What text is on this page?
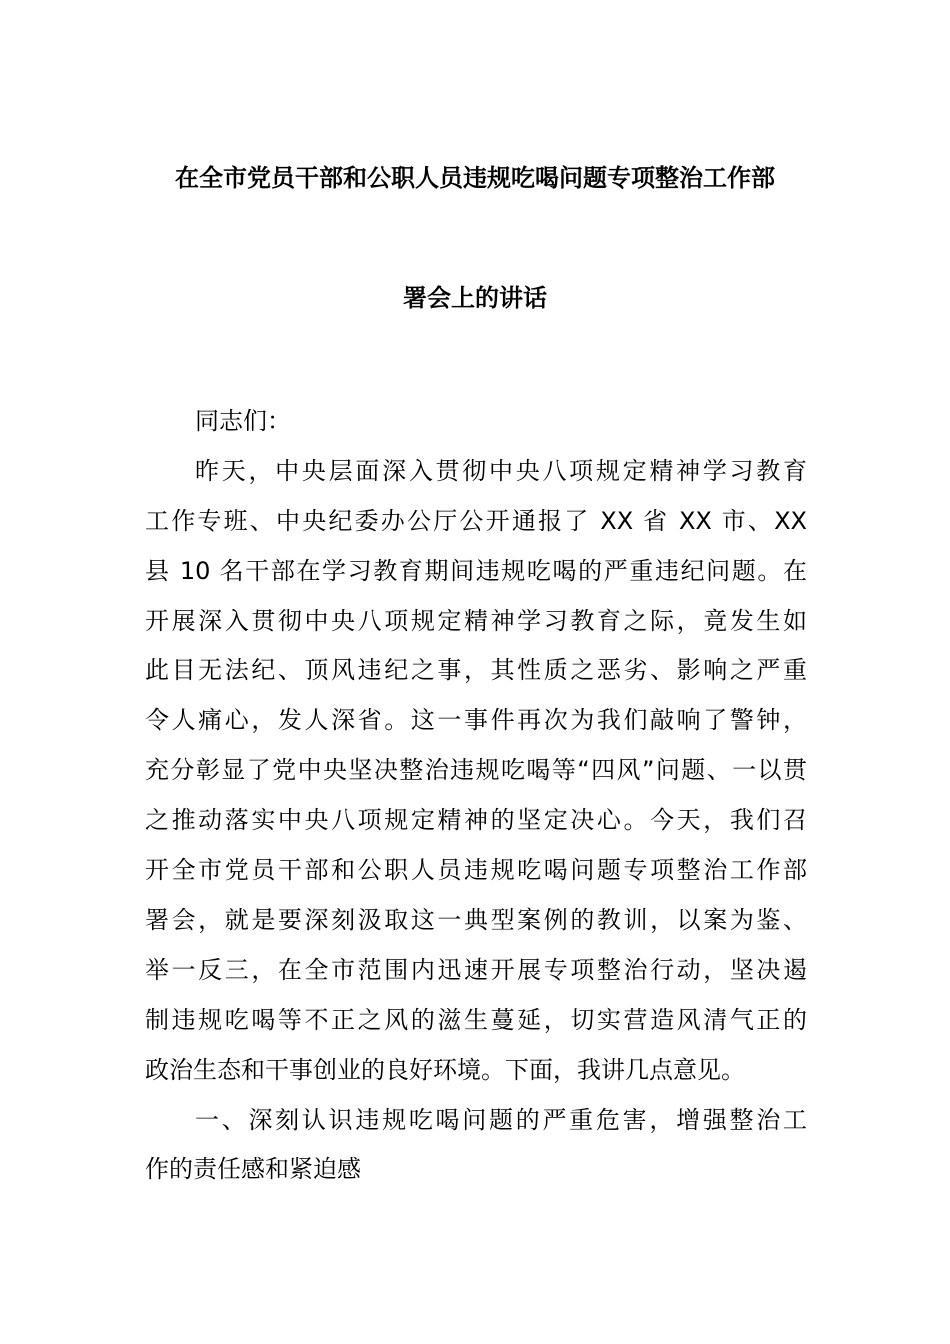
在全市党员干部和公职人员违规吃喝问题专项整治工作部
署会上的讲话
同志们：
昨天，中央层面深入贯彻中央八项规定精神学习教育
工作专班、中央纪委办公厅公开通报了 XX 省 XX 市、XX
县 10 名干部在学习教育期间违规吃喝的严重违纪问题。在
开展深入贯彻中央八项规定精神学习教育之际，竟发生如
此目无法纪、顶风违纪之事，其性质之恶劣、影响之严重
令人痛心，发人深省。这一事件再次为我们敲响了警钟，
充分彰显了党中央坚决整治违规吃喝等“四风”问题、一以贯
之推动落实中央八项规定精神的坚定决心。今天，我们召
开全市党员干部和公职人员违规吃喝问题专项整治工作部
署会，就是要深刻汲取这一典型案例的教训，以案为鉴、
举一反三，在全市范围内迅速开展专项整治行动，坚决遏
制违规吃喝等不正之风的滋生蔓延，切实营造风清气正的
政治生态和干事创业的良好环境。下面，我讲几点意见。
一、深刻认识违规吃喝问题的严重危害，增强整治工
作的责任感和紧迫感
